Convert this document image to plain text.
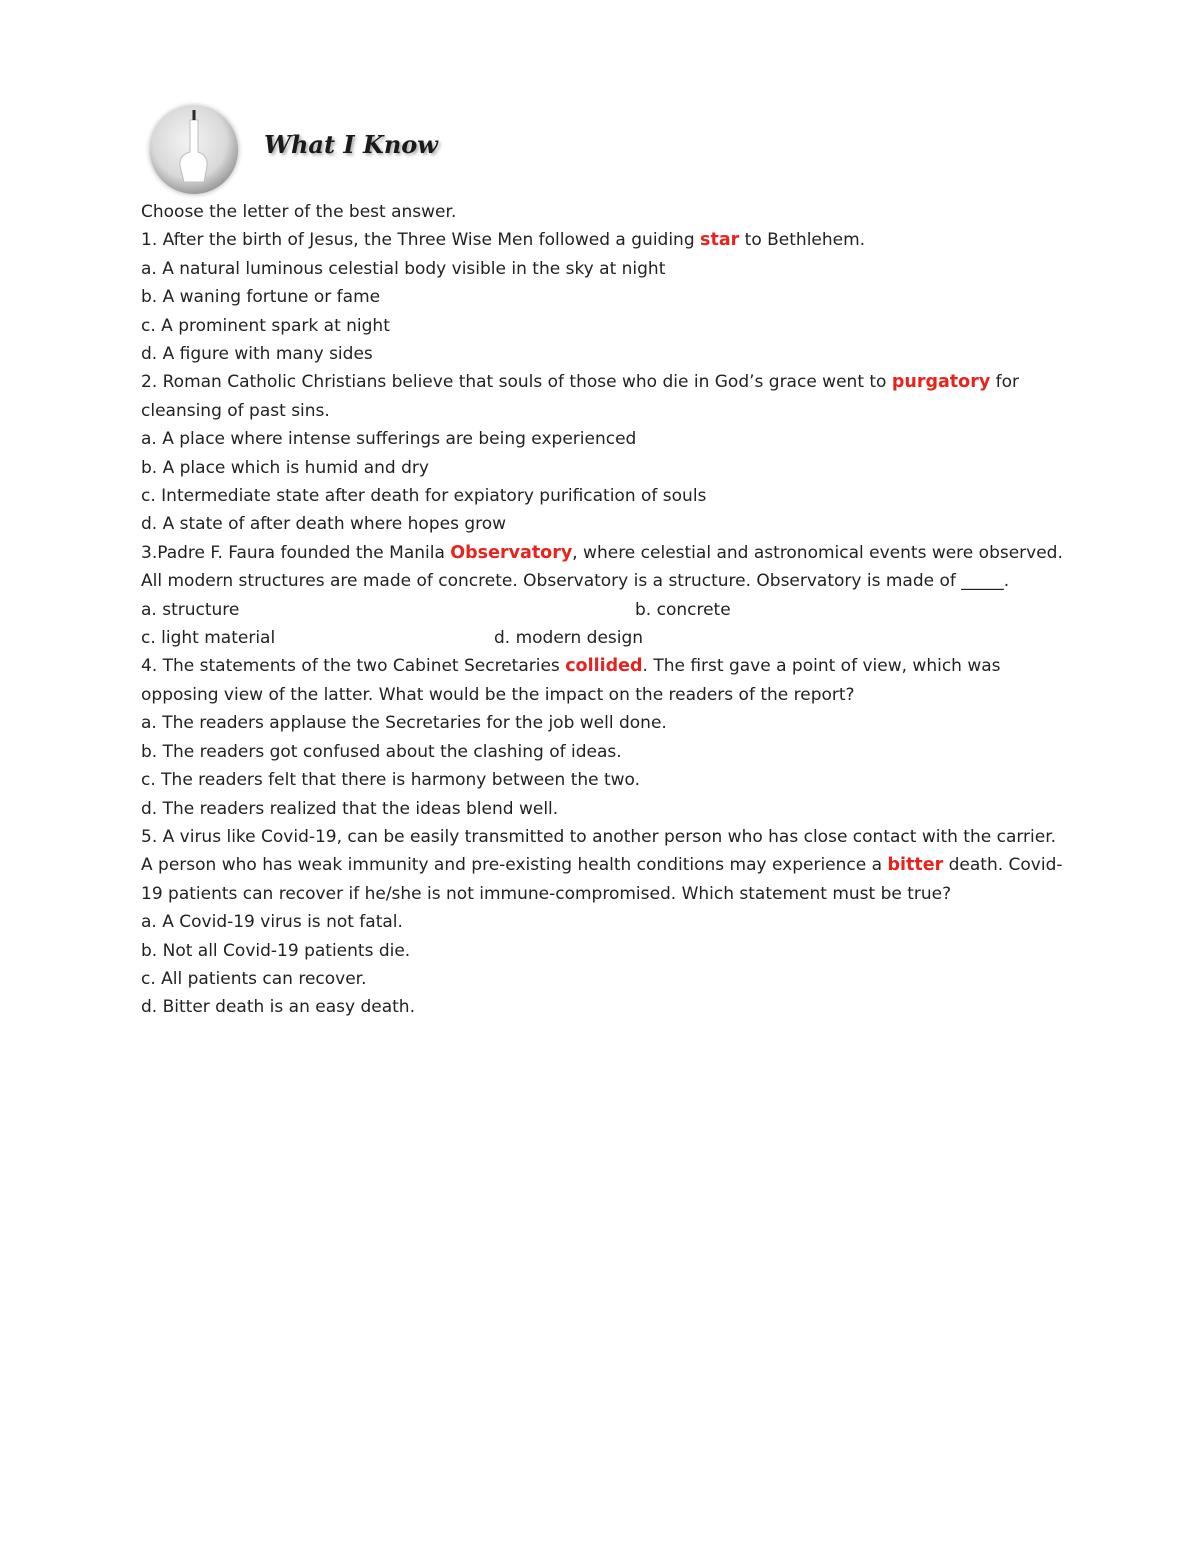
What I Know
Choose the letter of the best answer.
1. After the birth of Jesus, the Three Wise Men followed a guiding star to Bethlehem.
a. A natural luminous celestial body visible in the sky at night
b. A waning fortune or fame
c. A prominent spark at night
d. A figure with many sides
2. Roman Catholic Christians believe that souls of those who die in God’s grace went to purgatory for cleansing of past sins.
a. A place where intense sufferings are being experienced
b. A place which is humid and dry
c. Intermediate state after death for expiatory purification of souls
d. A state of after death where hopes grow
3.Padre F. Faura founded the Manila Observatory, where celestial and astronomical events were observed. All modern structures are made of concrete. Observatory is a structure. Observatory is made of _____.
a. structure	b. concrete
c. light material	d. modern design
4. The statements of the two Cabinet Secretaries collided. The first gave a point of view, which was opposing view of the latter. What would be the impact on the readers of the report?
a. The readers applause the Secretaries for the job well done.
b. The readers got confused about the clashing of ideas.
c. The readers felt that there is harmony between the two.
d. The readers realized that the ideas blend well.
5. A virus like Covid-19, can be easily transmitted to another person who has close contact with the carrier. A person who has weak immunity and pre-existing health conditions may experience a bitter death. Covid-19 patients can recover if he/she is not immune-compromised. Which statement must be true?
a. A Covid-19 virus is not fatal.
b. Not all Covid-19 patients die.
c. All patients can recover.
d. Bitter death is an easy death.
